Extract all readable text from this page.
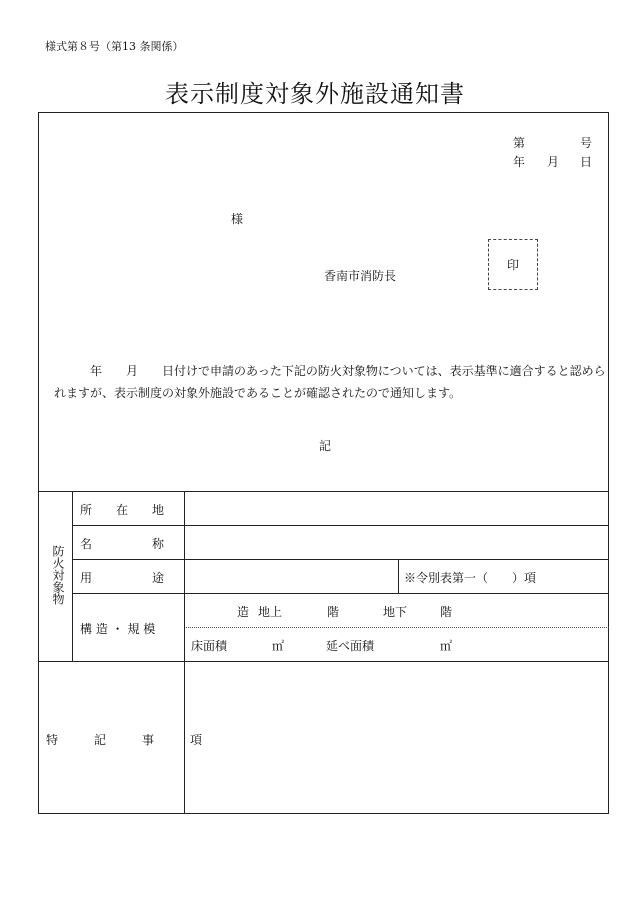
様式第８号（第13 条関係）
表示制度対象外施設通知書
第	号
年 月 日
様
香南市消防長
印
年　　月　　日付けで申請のあった下記の防火対象物については、表示基準に適合すると認められますが、表示制度の対象外施設であることが確認されたので通知します。
記
防火対象物
所　　在　　地
名　　　　　称
用　　　　　途	※令別表第一（　　）項
構 造 ・ 規 模
造 地上	階	地下	階
床面積	㎡	延べ面積	㎡
特　　　記　　　事　　　項
